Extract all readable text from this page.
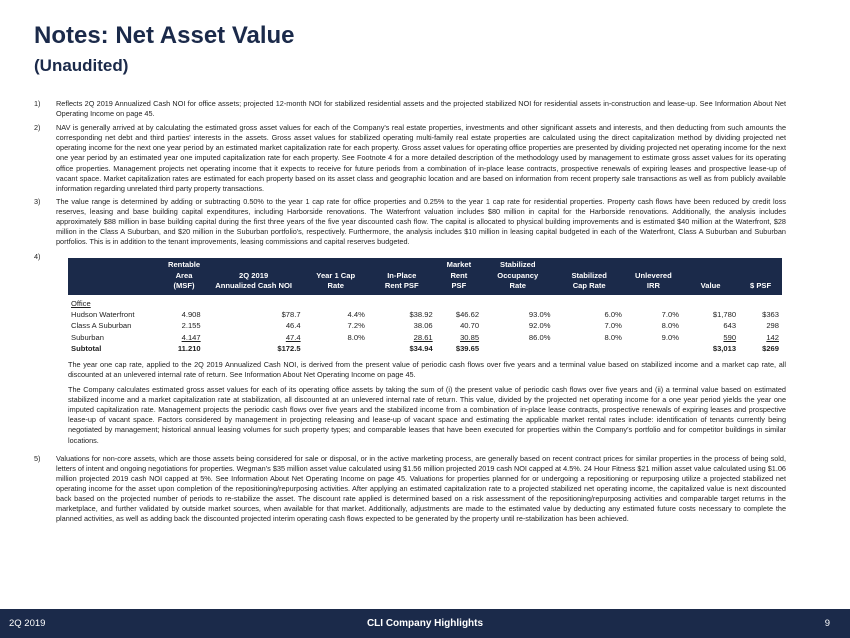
Notes: Net Asset Value
(Unaudited)
1)	Reflects 2Q 2019 Annualized Cash NOI for office assets; projected 12-month NOI for stabilized residential assets and the projected stabilized NOI for residential assets in-construction and lease-up. See Information About Net Operating Income on page 45.
2)	NAV is generally arrived at by calculating the estimated gross asset values for each of the Company's real estate properties, investments and other significant assets and interests, and then deducting from such amounts the corresponding net debt and third parties' interests in the assets. Gross asset values for stabilized operating multi-family real estate properties are calculated using the direct capitalization method by dividing projected net operating income for the next one year period by an estimated market capitalization rate for each property. Gross asset values for operating office properties are presented by dividing projected net operating income for the next one year period by an estimated year one imputed capitalization rate for each property. See Footnote 4 for a more detailed description of the methodology used by management to estimate gross asset values for its operating office properties. Management projects net operating income that it expects to receive for future periods from a combination of in-place lease contracts, prospective renewals of expiring leases and prospective lease-up of vacant space. Market capitalization rates are estimated for each property based on its asset class and geographic location and are based on information from recent property sale transactions as well as from publicly available information regarding unrelated third party property transactions.
3)	The value range is determined by adding or subtracting 0.50% to the year 1 cap rate for office properties and 0.25% to the year 1 cap rate for residential properties. Property cash flows have been reduced by credit loss reserves, leasing and base building capital expenditures, including Harborside renovations. The Waterfront valuation includes $80 million in capital for the Harborside renovations. Additionally, the analysis includes approximately $88 million in base building capital during the first three years of the five year discounted cash flow. The capital is allocated to physical building improvements and is estimated $40 million at the Waterfront, $28 million in the Class A Suburban, and $20 million in the Suburban portfolio's, respectively. Furthermore, the analysis includes $10 million in leasing capital budgeted in each of the Waterfront, Class A Suburban and Suburban portfolios. This is in addition to the tenant improvements, leasing commissions and capital reserves budgeted.
4)
	Rentable				Market	Stabilized				
	Area	2Q 2019	Year 1 Cap	In-Place	Rent	Occupancy	Stabilized	Unlevered		
	(MSF)	Annualized Cash NOI	Rate	Rent PSF	PSF	Rate	Cap Rate	IRR	Value	$ PSF
Office										
Hudson Waterfront	4.908	$78.7	4.4%	$38.92	$46.62	93.0%	6.0%	7.0%	$1,780	$363
Class A Suburban	2.155	46.4	7.2%	38.06	40.70	92.0%	7.0%	8.0%	643	298
Suburban	4.147	47.4	8.0%	28.61	30.85	86.0%	8.0%	9.0%	590	142
Subtotal	11.210	$172.5		$34.94	$39.65				$3,013	$269
The year one cap rate, applied to the 2Q 2019 Annualized Cash NOI, is derived from the present value of periodic cash flows over five years and a terminal value based on stabilized income and a market cap rate, all discounted at an unlevered internal rate of return. See Information About Net Operating Income on page 45.
The Company calculates estimated gross asset values for each of its operating office assets by taking the sum of (i) the present value of periodic cash flows over five years and (ii) a terminal value based on estimated stabilized income and a market capitalization rate at stabilization, all discounted at an unlevered internal rate of return. This value, divided by the projected net operating income for a one year period yields the year one imputed capitalization rate. Management projects the periodic cash flows over five years and the stabilized income from a combination of in-place lease contracts, prospective renewals of expiring leases and prospective lease-up of vacant space. Factors considered by management in projecting releasing and lease-up of vacant space and estimating the applicable market rental rates include: identification of tenants currently being negotiated by management; historical annual leasing volumes for such property types; and comparable leases that have been executed for properties within the Company's portfolio and for competitor buildings in similar locations.
5)	Valuations for non-core assets, which are those assets being considered for sale or disposal, or in the active marketing process, are generally based on recent contract prices for similar properties in the process of being sold, letters of intent and ongoing negotiations for properties. Wegman's $35 million asset value calculated using $1.56 million projected 2019 cash NOI capped at 4.5%. 24 Hour Fitness $21 million asset value calculated using $1.06 million projected 2019 cash NOI capped at 5%. See Information About Net Operating Income on page 45. Valuations for properties planned for or undergoing a repositioning or repurposing utilize a projected stabilized net operating income for the asset upon completion of the repositioning/repurposing activities. After applying an estimated capitalization rate to a projected stabilized net operating income, the capitalized value is next discounted back based on the projected number of periods to re-stabilize the asset. The discount rate applied is determined based on a risk assessment of the repositioning/repurposing activities and comparable target returns in the marketplace, and further validated by outside market sources, when available for that market. Additionally, adjustments are made to the estimated value by deducting any estimated future costs necessary to complete the planned activities, as well as adding back the discounted projected interim operating cash flows expected to be generated by the property until re-stabilization has been achieved.
2Q 2019	CLI Company Highlights	9
